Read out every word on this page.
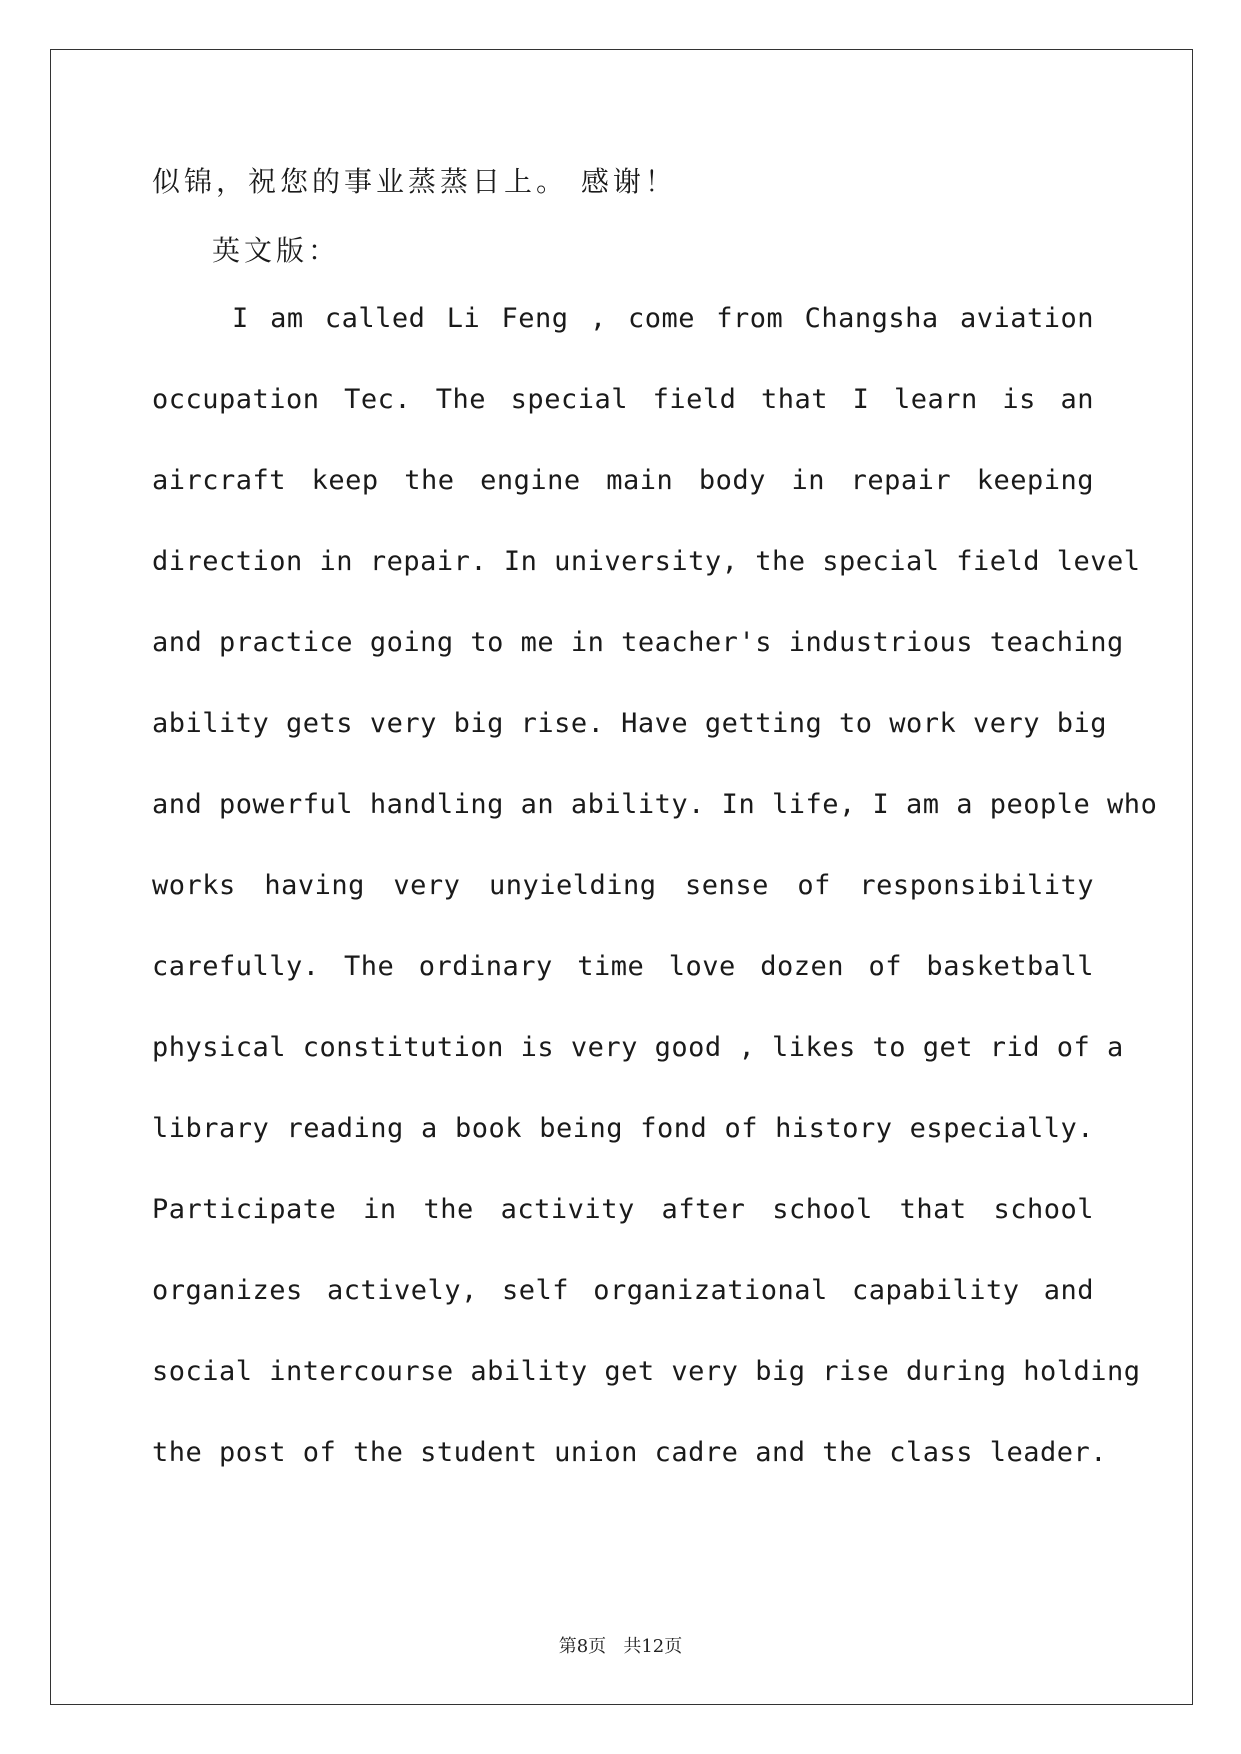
似锦，祝您的事业蒸蒸日上。 感谢！
英文版：
I am called Li Feng , come from Changsha aviation
occupation Tec. The special field that I learn is an
aircraft keep the engine main body in repair keeping
direction in repair. In university, the special field level
and practice going to me in teacher's industrious teaching
ability gets very big rise. Have getting to work very big
and powerful handling an ability. In life, I am a people who
works having very unyielding sense of responsibility
carefully. The ordinary time love dozen of basketball
physical constitution is very good , likes to get rid of a
library reading a book being fond of history especially.
Participate in the activity after school that school
organizes actively, self organizational capability and
social intercourse ability get very big rise during holding
the post of the student union cadre and the class leader.
第8页   共12页
